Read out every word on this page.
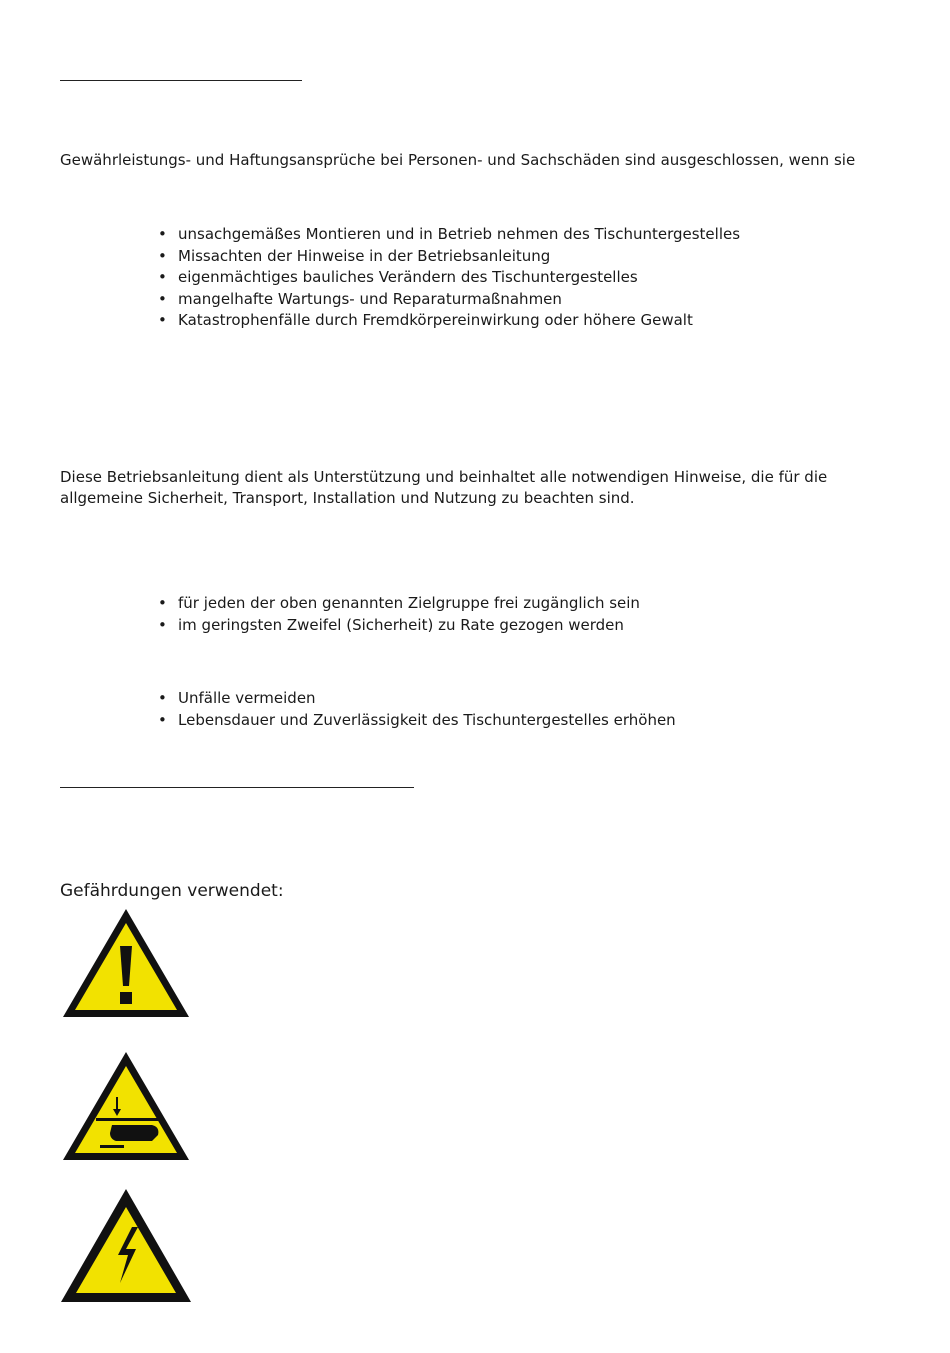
Gewährleistungs- und Haftungsansprüche bei Personen- und Sachschäden sind ausgeschlossen, wenn sie
• unsachgemäßes Montieren und in Betrieb nehmen des Tischuntergestelles
• Missachten der Hinweise in der Betriebsanleitung
• eigenmächtiges bauliches Verändern des Tischuntergestelles
• mangelhafte Wartungs- und Reparaturmaßnahmen
• Katastrophenfälle durch Fremdkörpereinwirkung oder höhere Gewalt
Diese Betriebsanleitung dient als Unterstützung und beinhaltet alle notwendigen Hinweise, die für die
allgemeine Sicherheit, Transport, Installation und Nutzung zu beachten sind.
• für jeden der oben genannten Zielgruppe frei zugänglich sein
• im geringsten Zweifel (Sicherheit) zu Rate gezogen werden
• Unfälle vermeiden
• Lebensdauer und Zuverlässigkeit des Tischuntergestelles erhöhen
Gefährdungen verwendet:
